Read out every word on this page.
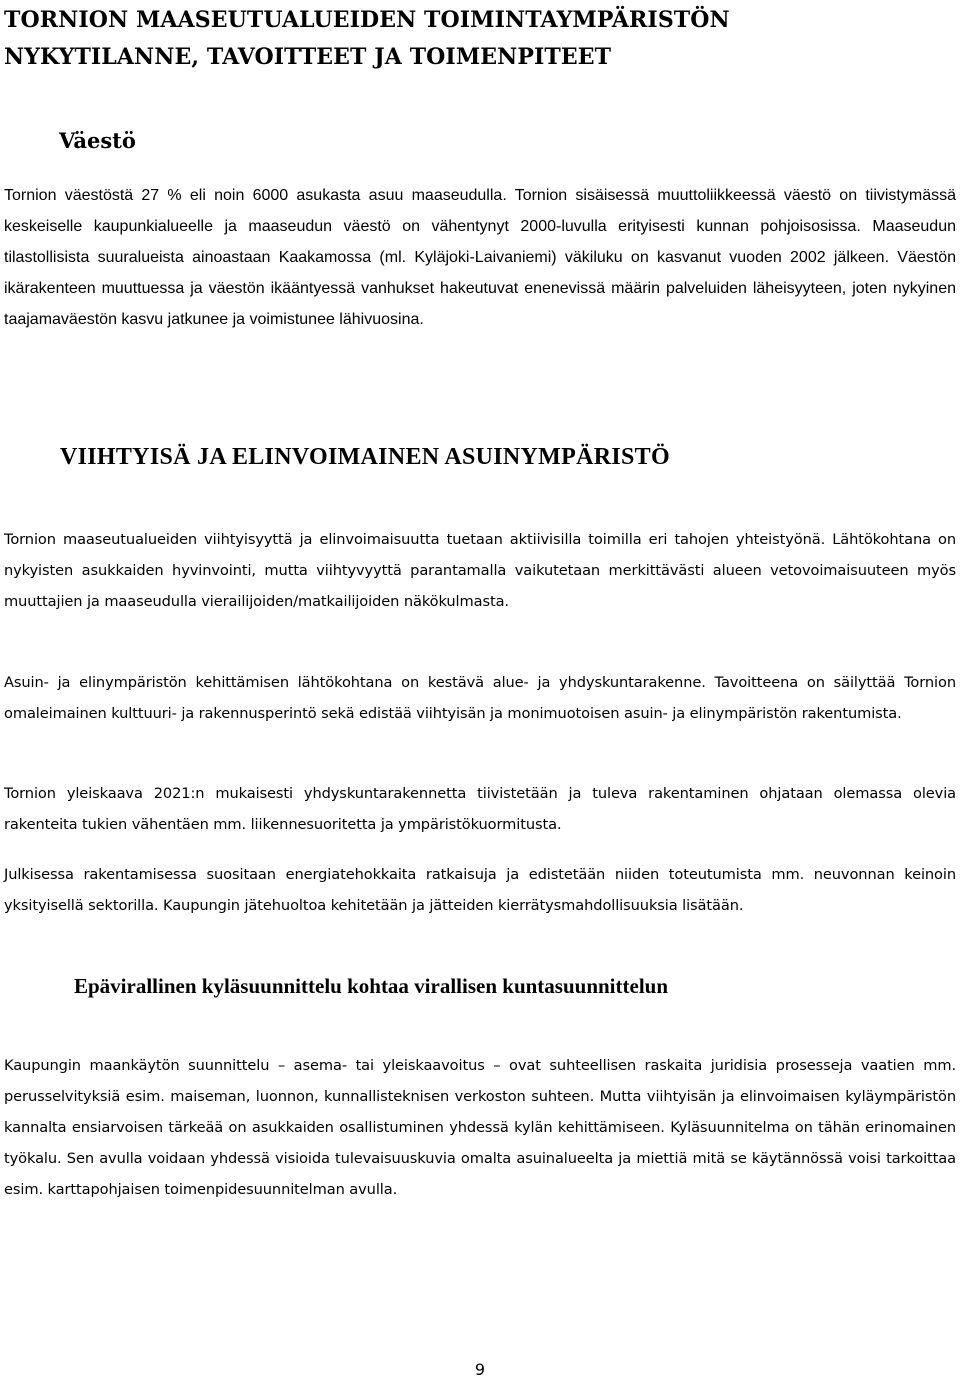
TORNION MAASEUTUALUEIDEN TOIMINTAYMPÄRISTÖN
NYKYTILANNE, TAVOITTEET JA TOIMENPITEET
Väestö

Tornion väestöstä 27 % eli noin 6000 asukasta asuu maaseudulla. Tornion sisäisessä muuttoliikkeessä väestö on tiivistymässä keskeiselle kaupunkialueelle ja maaseudun väestö on vähentynyt 2000-luvulla erityisesti kunnan pohjoisosissa. Maaseudun tilastollisista suuralueista ainoastaan Kaakamossa (ml. Kyläjoki-Laivaniemi) väkiluku on kasvanut vuoden 2002 jälkeen. Väestön ikärakenteen muuttuessa ja väestön ikääntyessä vanhukset hakeutuvat enenevissä määrin palveluiden läheisyyteen, joten nykyinen taajamaväestön kasvu jatkunee ja voimistunee lähivuosina.

VIIHTYISÄ JA ELINVOIMAINEN ASUINYMPÄRISTÖ

Tornion maaseutualueiden viihtyisyyttä ja elinvoimaisuutta tuetaan aktiivisilla toimilla eri tahojen yhteistyönä. Lähtökohtana on nykyisten asukkaiden hyvinvointi, mutta viihtyvyyttä parantamalla vaikutetaan merkittävästi alueen vetovoimaisuuteen myös muuttajien ja maaseudulla vierailijoiden/matkailijoiden näkökulmasta.

Asuin- ja elinympäristön kehittämisen lähtökohtana on kestävä alue- ja yhdyskuntarakenne. Tavoitteena on säilyttää Tornion omaleimainen kulttuuri- ja rakennusperintö sekä edistää viihtyisän ja monimuotoisen asuin- ja elinympäristön rakentumista.

Tornion yleiskaava 2021:n mukaisesti yhdyskuntarakennetta tiivistetään ja tuleva rakentaminen ohjataan olemassa olevia rakenteita tukien vähentäen mm. liikennesuoritetta ja ympäristökuormitusta.

Julkisessa rakentamisessa suositaan energiatehokkaita ratkaisuja ja edistetään niiden toteutumista mm. neuvonnan keinoin yksityisellä sektorilla. Kaupungin jätehuoltoa kehitetään ja jätteiden kierrätysmahdollisuuksia lisätään.

Epävirallinen kyläsuunnittelu kohtaa virallisen kuntasuunnittelun

Kaupungin maankäytön suunnittelu – asema- tai yleiskaavoitus – ovat suhteellisen raskaita juridisia prosesseja vaatien mm. perusselvityksiä esim. maiseman, luonnon, kunnallisteknisen verkoston suhteen. Mutta viihtyisän ja elinvoimaisen kyläympäristön kannalta ensiarvoisen tärkeää on asukkaiden osallistuminen yhdessä kylän kehittämiseen. Kyläsuunnitelma on tähän erinomainen työkalu. Sen avulla voidaan yhdessä visioida tulevaisuuskuvia omalta asuinalueelta ja miettiä mitä se käytännössä voisi tarkoittaa esim. karttapohjaisen toimenpidesuunnitelman avulla.

9
